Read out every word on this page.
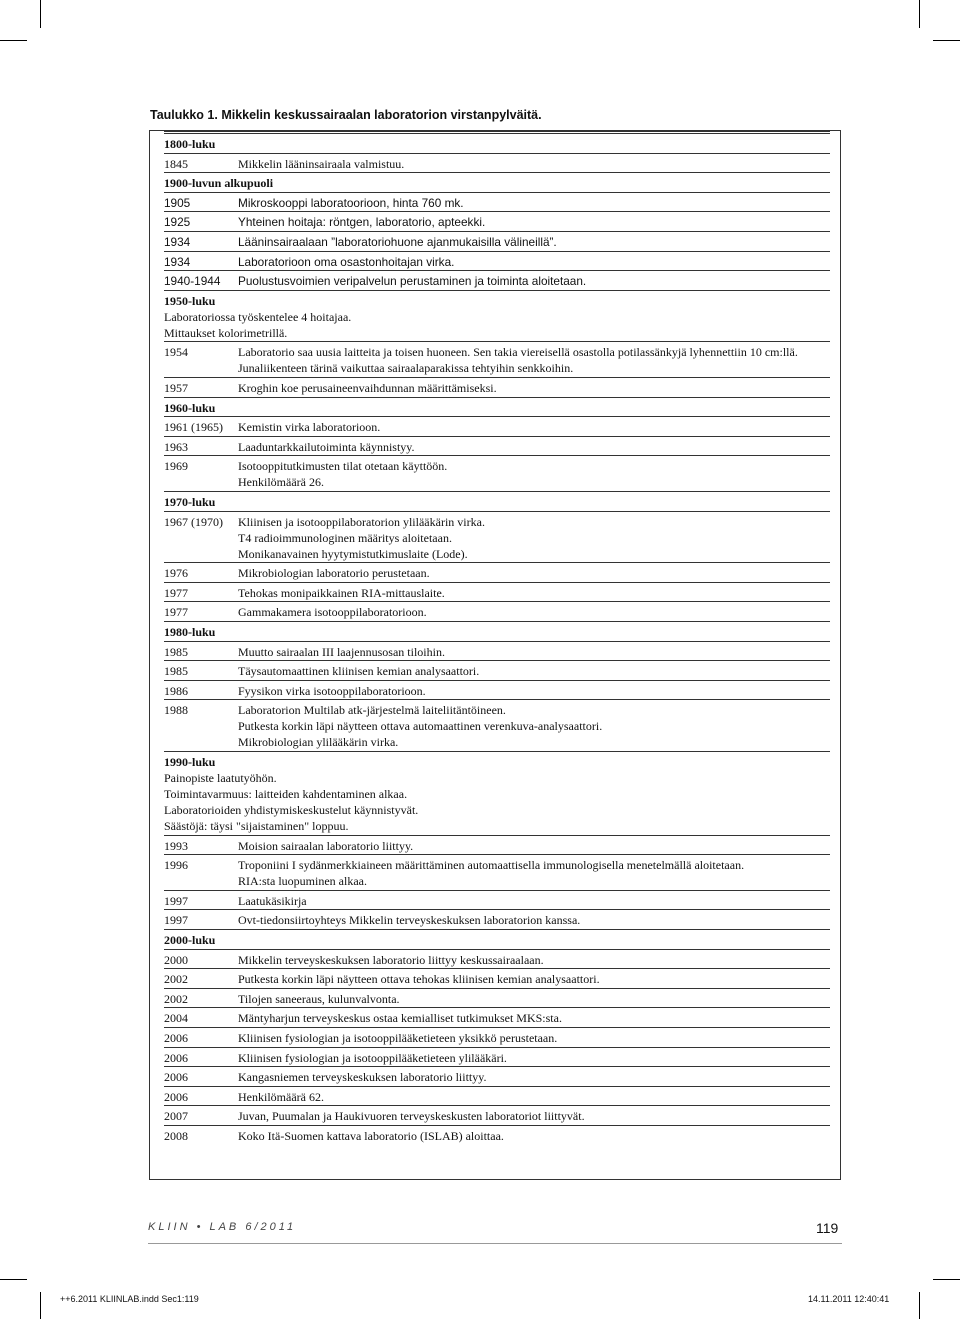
Taulukko 1. Mikkelin keskussairaalan laboratorion virstanpylväitä.
1800-luku
1845	Mikkelin lääninsairaala valmistuu.
1900-luvun alkupuoli
1905	Mikroskooppi laboratoorioon, hinta 760 mk.
1925	Yhteinen hoitaja: röntgen, laboratorio, apteekki.
1934	Lääninsairaalaan ”laboratoriohuone ajanmukaisilla välineillä”.
1934	Laboratorioon oma osastonhoitajan virka.
1940-1944	Puolustusvoimien veripalvelun perustaminen ja toiminta aloitetaan.
1950-luku
Laboratoriossa työskentelee 4 hoitajaa.
Mittaukset kolorimetrillä.
1954	Laboratorio saa uusia laitteita ja toisen huoneen. Sen takia viereisellä osastolla potilassänkyjä lyhennettiin 10 cm:llä.
Junaliikenteen tärinä vaikuttaa sairaalaparakissa tehtyihin senkkoihin.
1957	Kroghin koe perusaineenvaihdunnan määrittämiseksi.
1960-luku
1961 (1965)	Kemistin virka laboratorioon.
1963	Laaduntarkkailutoiminta käynnistyy.
1969	Isotooppitutkimusten tilat otetaan käyttöön.
Henkilömäärä 26.
1970-luku
1967 (1970)	Kliinisen ja isotooppilaboratorion ylilääkärin virka.
T4 radioimmunologinen määritys aloitetaan.
Monikanavainen hyytymistutkimuslaite (Lode).
1976	Mikrobiologian laboratorio perustetaan.
1977	Tehokas monipaikkainen RIA-mittauslaite.
1977	Gammakamera isotooppilaboratorioon.
1980-luku
1985	Muutto sairaalan III laajennusosan tiloihin.
1985	Täysautomaattinen kliinisen kemian analysaattori.
1986	Fyysikon virka isotooppilaboratorioon.
1988	Laboratorion Multilab atk-järjestelmä laiteliitäntöineen.
Putkesta korkin läpi näytteen ottava automaattinen verenkuva-analysaattori.
Mikrobiologian ylilääkärin virka.
1990-luku
Painopiste laatutyöhön.
Toimintavarmuus: laitteiden kahdentaminen alkaa.
Laboratorioiden yhdistymiskeskustelut käynnistyvät.
Säästöjä: täysi "sijaistaminen" loppuu.
1993	Moision sairaalan laboratorio liittyy.
1996	Troponiini I sydänmerkkiaineen määrittäminen automaattisella immunologisella menetelmällä aloitetaan.
RIA:sta luopuminen alkaa.
1997	Laatukäsikirja
1997	Ovt-tiedonsiirtoyhteys Mikkelin terveyskeskuksen laboratorion kanssa.
2000-luku
2000	Mikkelin terveyskeskuksen laboratorio liittyy keskussairaalaan.
2002	Putkesta korkin läpi näytteen ottava tehokas kliinisen kemian analysaattori.
2002	Tilojen saneeraus, kulunvalvonta.
2004	Mäntyharjun terveyskeskus ostaa kemialliset tutkimukset MKS:sta.
2006	Kliinisen fysiologian ja isotooppilääketieteen yksikkö perustetaan.
2006	Kliinisen fysiologian ja isotooppilääketieteen ylilääkäri.
2006	Kangasniemen terveyskeskuksen laboratorio liittyy.
2006	Henkilömäärä 62.
2007	Juvan, Puumalan ja Haukivuoren terveyskeskusten laboratoriot liittyvät.
2008	Koko Itä-Suomen kattava laboratorio (ISLAB) aloittaa.
KLIIN • LAB 6/2011	119
++6.2011 KLIINLAB.indd Sec1:119	14.11.2011 12:40:41
